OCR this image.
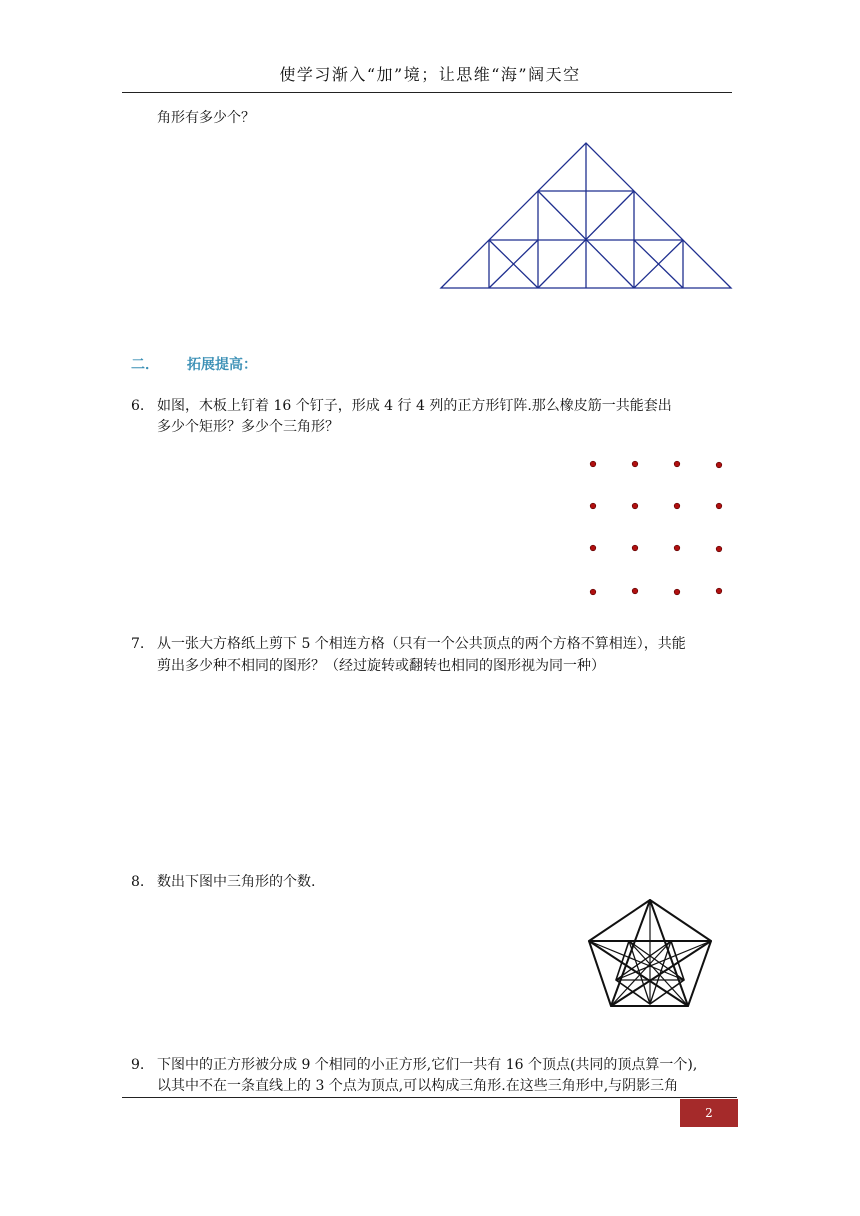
使学习渐入“加”境；让思维“海”阔天空
角形有多少个？
二． 拓展提高：
6. 如图，木板上钉着 16 个钉子，形成 4 行 4 列的正方形钉阵.那么橡皮筋一共能套出
多少个矩形？多少个三角形？
7. 从一张大方格纸上剪下 5 个相连方格（只有一个公共顶点的两个方格不算相连），共能
剪出多少种不相同的图形？（经过旋转或翻转也相同的图形视为同一种）
8. 数出下图中三角形的个数.
9. 下图中的正方形被分成 9 个相同的小正方形,它们一共有 16 个顶点(共同的顶点算一个),
以其中不在一条直线上的 3 个点为顶点,可以构成三角形.在这些三角形中,与阴影三角
2
